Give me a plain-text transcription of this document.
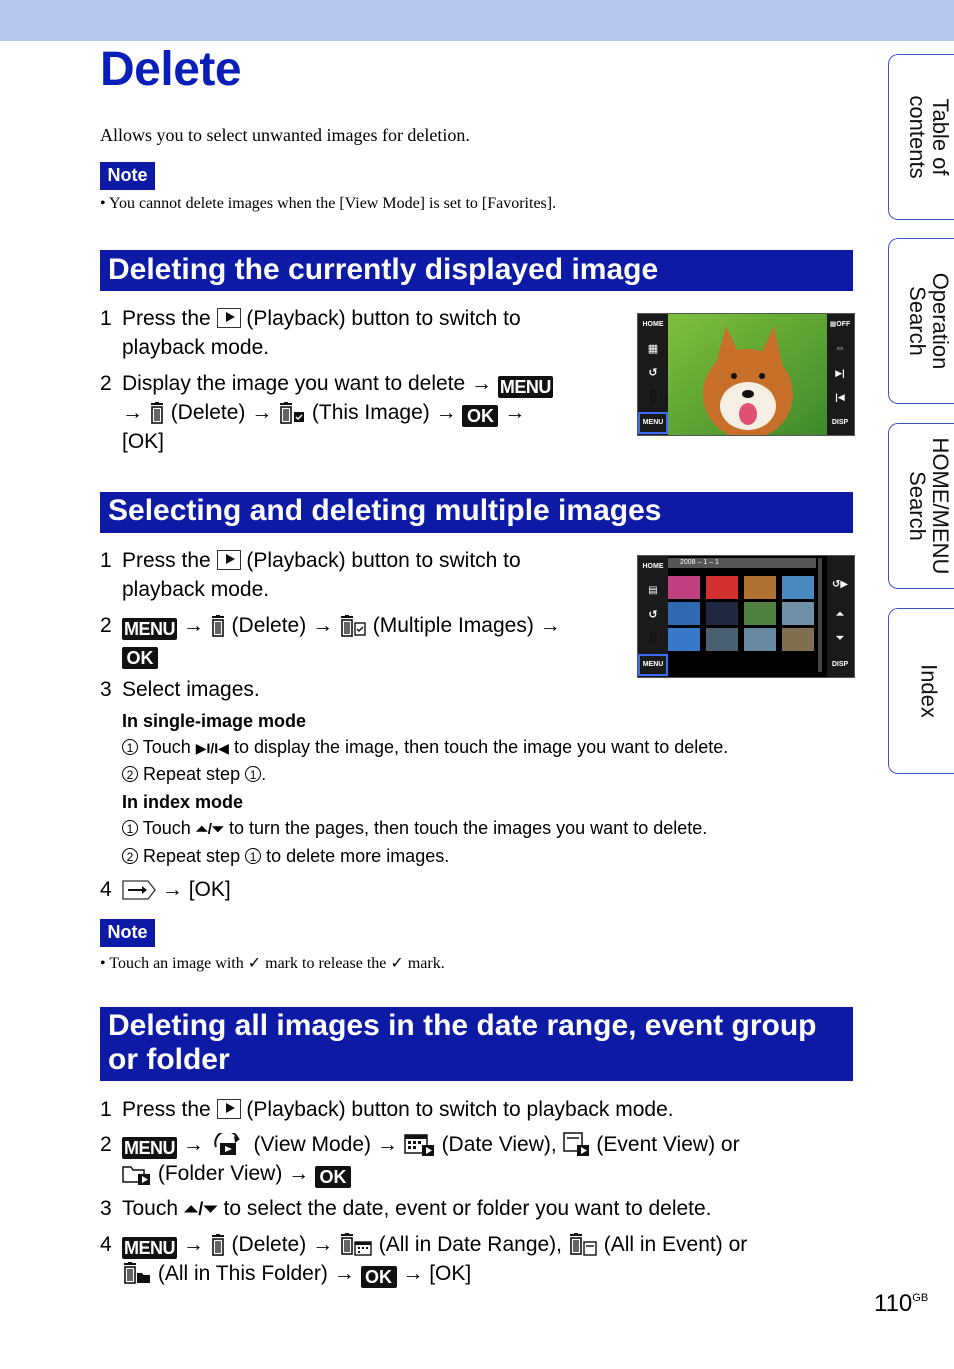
Delete
Allows you to select unwanted images for deletion.
Note
• You cannot delete images when the [View Mode] is set to [Favorites].
Table of
contents
Operation
Search
HOME/MENU
Search
Index
Deleting the currently displayed image
1 Press the (Playback) button to switch to
playback mode.
2 Display the image you want to delete → MENU
→ (Delete) → (This Image) → OK →
[OK]
HOME
▦
↺
MENU
▦OFF
⇔
▶|
|◀
DISP
Selecting and deleting multiple images
1 Press the (Playback) button to switch to
playback mode.
2 MENU → (Delete) → (Multiple Images) →
OK
3 Select images.
In single-image mode
1 Touch ▶I/I◀ to display the image, then touch the image you want to delete.
2 Repeat step 1 .
In index mode
1 Touch ⏶/⏷ to turn the pages, then touch the images you want to delete.
2 Repeat step 1 to delete more images.
4	→ [OK]
Note
• Touch an image with ✓ mark to release the ✓ mark.
HOME
▤
↺
MENU
2008 – 1 – 1
↺▶
⏶
⏷
DISP
Deleting all images in the date range, event group
or folder
1 Press the (Playback) button to switch to playback mode.
2 MENU → (View Mode) → (Date View), (Event View) or
(Folder View) → OK
3 Touch ⏶/⏷ to select the date, event or folder you want to delete.
4 MENU → (Delete) → (All in Date Range), (All in Event) or
(All in This Folder) → OK → [OK]
$110^{GB}$
